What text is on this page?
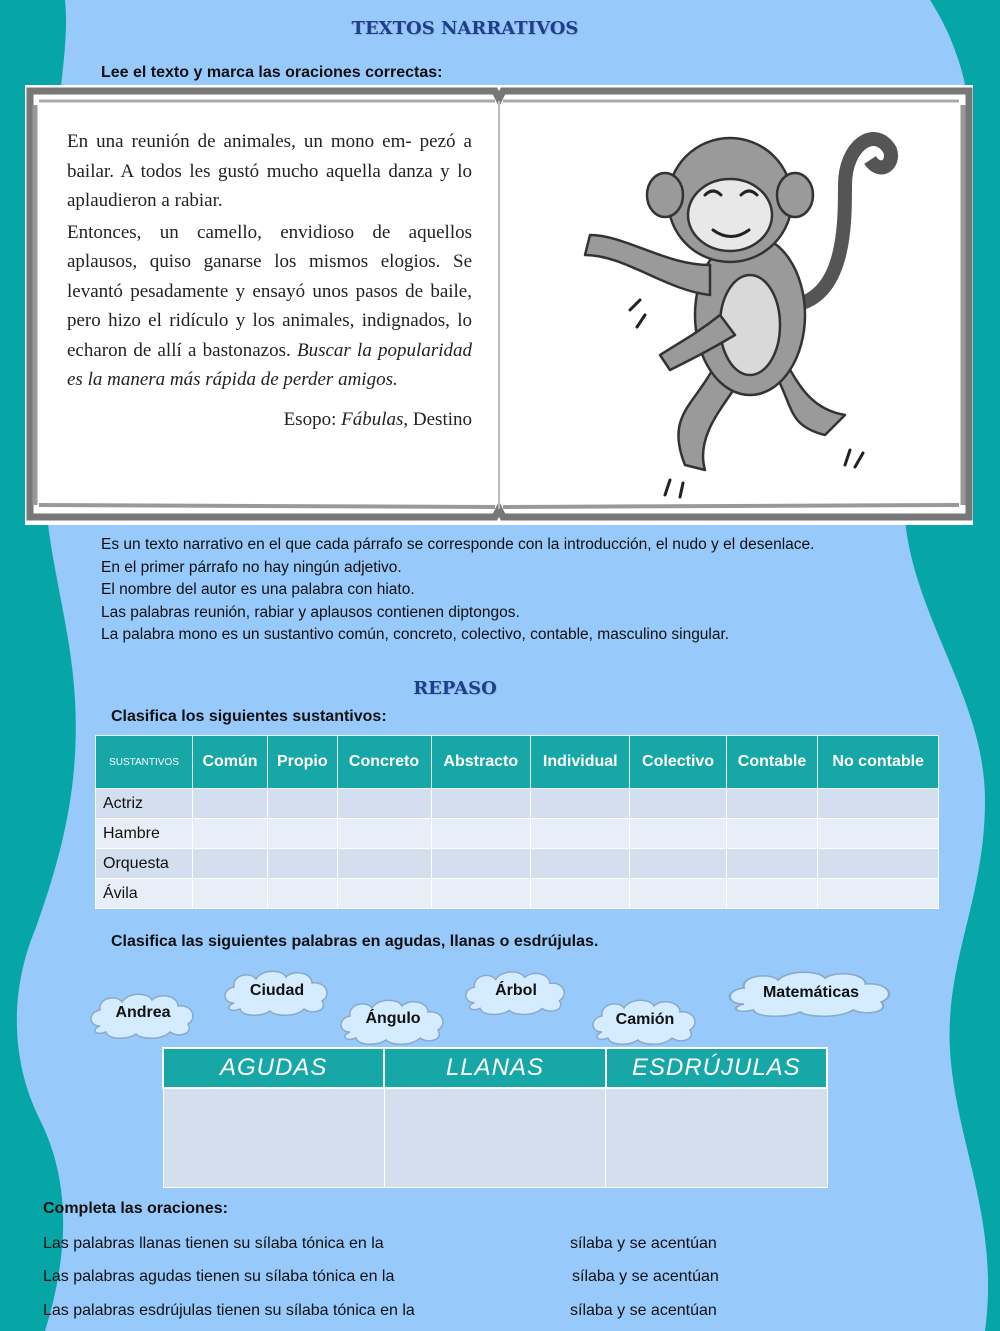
TEXTOS NARRATIVOS
Lee el texto y marca las oraciones correctas:

En una reunión de animales, un mono em- pezó a bailar. A todos les gustó mucho aquella danza y lo aplaudieron a rabiar.

Entonces, un camello, envidioso de aquellos aplausos, quiso ganarse los mismos elogios. Se levantó pesadamente y ensayó unos pasos de baile, pero hizo el ridículo y los animales, indignados, lo echaron de allí a bastonazos. Buscar la popularidad es la manera más rápida de perder amigos.

Esopo: Fábulas, Destino

Es un texto narrativo en el que cada párrafo se corresponde con la introducción, el nudo y el desenlace.
En el primer párrafo no hay ningún adjetivo.
El nombre del autor es una palabra con hiato.
Las palabras reunión, rabiar y aplausos contienen diptongos.
La palabra mono es un sustantivo común, concreto, colectivo, contable, masculino singular.
REPASO
Clasifica los siguientes sustantivos:
SUSTANTIVOS	Común	Propio	Concreto	Abstracto	Individual	Colectivo	Contable	No contable
Actriz								
Hambre								
Orquesta								
Ávila								
Clasifica las siguientes palabras en agudas, llanas o esdrújulas.
Andrea
Ciudad
Ángulo
Árbol
Camión
Matemáticas
AGUDAS	LLANAS	ESDRÚJULAS

Completa las oraciones:
Las palabras llanas tienen su sílaba tónica en la	sílaba y se acentúan
Las palabras agudas tienen su sílaba tónica en la	sílaba y se acentúan
Las palabras esdrújulas tienen su sílaba tónica en la	sílaba y se acentúan
